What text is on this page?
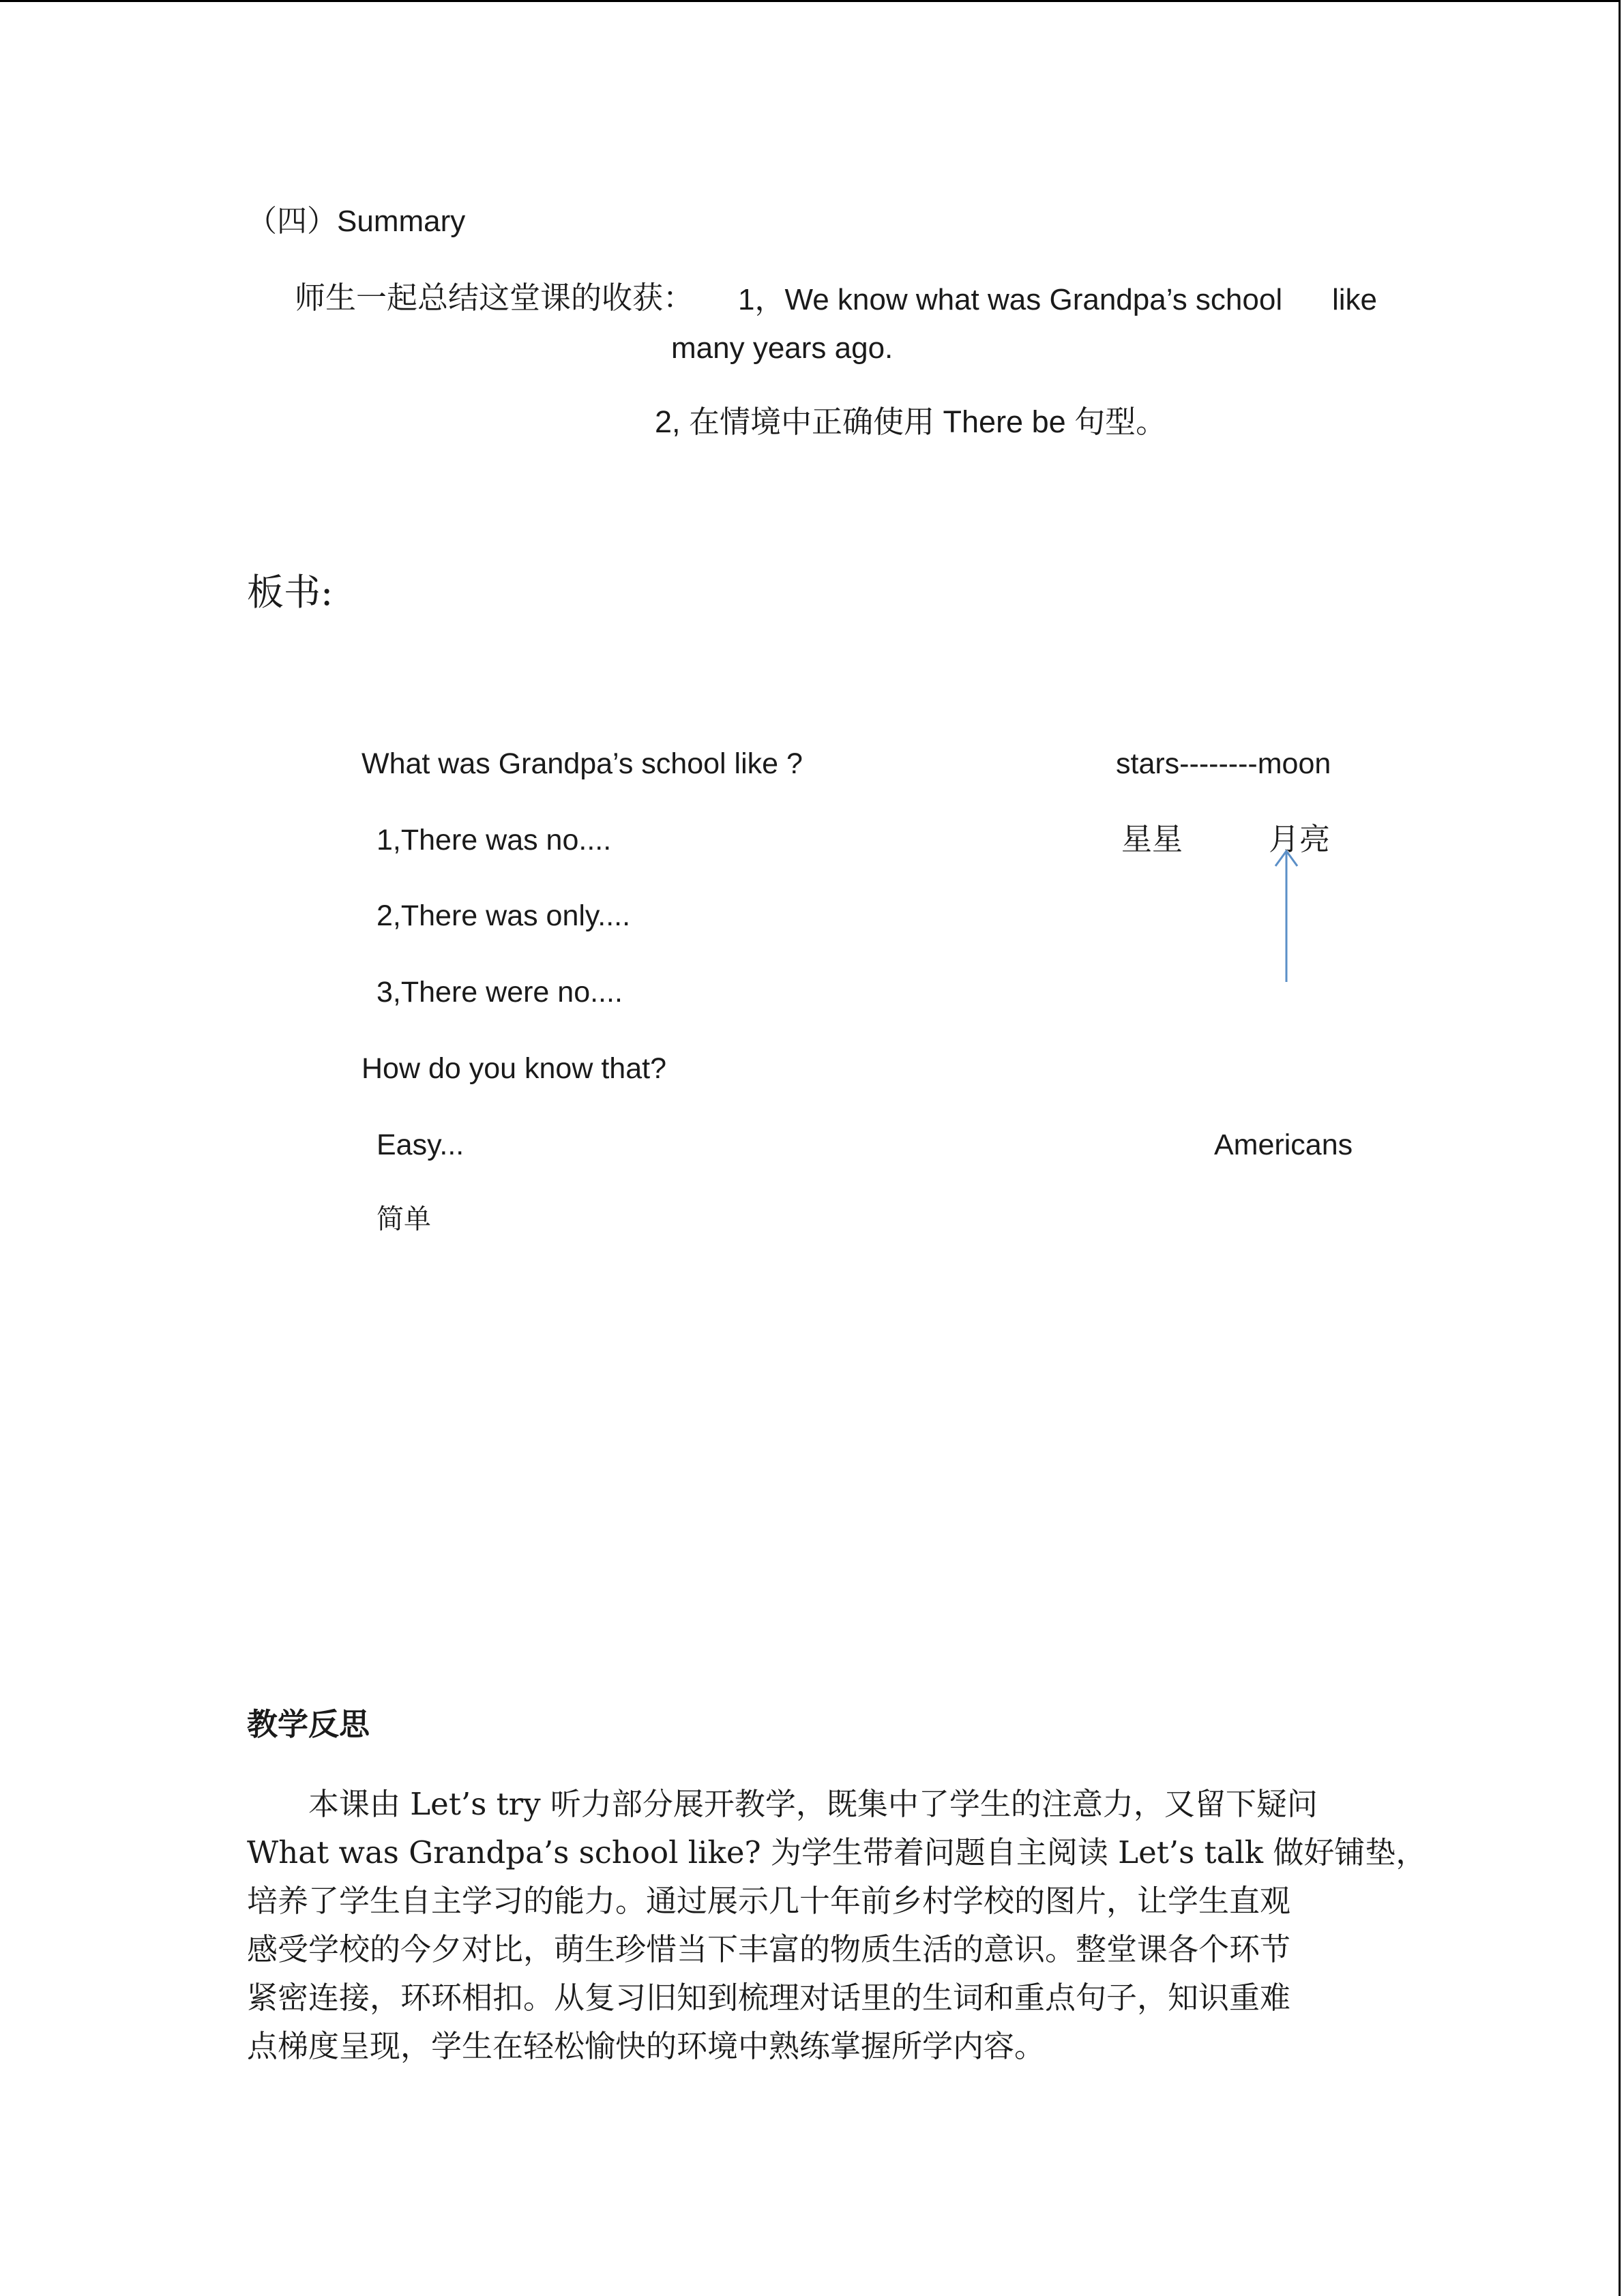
（四）Summary
师生一起总结这堂课的收获： 1，We know what was Grandpa’s school like
many years ago.
2, 在情境中正确使用 There be 句型。
板书:
What was Grandpa’s school like ?
1,There was no....
2,There was only....
3,There were no....
How do you know that?
Easy...
简单
stars--------moon
星星	月亮
Americans
教学反思
　　本课由 Let’s try 听力部分展开教学，既集中了学生的注意力，又留下疑问
What was Grandpa’s school like? 为学生带着问题自主阅读 Let’s talk 做好铺垫，
培养了学生自主学习的能力。通过展示几十年前乡村学校的图片，让学生直观
感受学校的今夕对比，萌生珍惜当下丰富的物质生活的意识。整堂课各个环节
紧密连接，环环相扣。从复习旧知到梳理对话里的生词和重点句子，知识重难
点梯度呈现，学生在轻松愉快的环境中熟练掌握所学内容。
